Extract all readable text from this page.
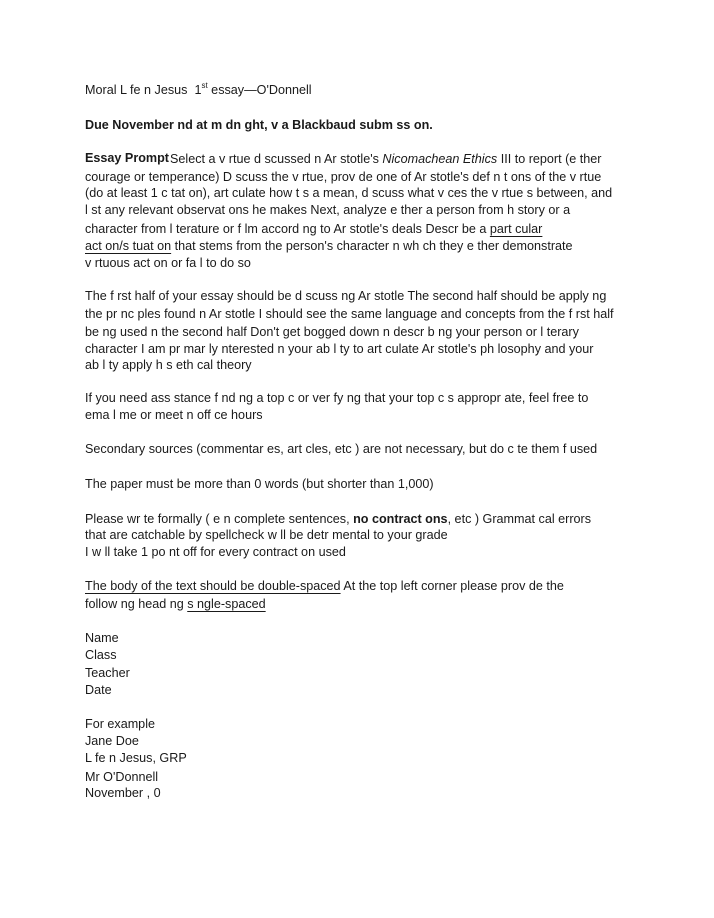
Moral L fe n Jesus 1st essay—O'Donnell
Due November nd at m dn ght, v a Blackbaud subm ss on.
Essay Prompt Select a v rtue d scussed n Ar stotle's Nicomachean Ethics III to report (e ther
courage or temperance) D scuss the v rtue, prov de one of Ar stotle's def n t ons of the v rtue
(do at least 1 c tat on), art culate how t s a mean, d scuss what v ces the v rtue s between, and
l st any relevant observat ons he makes Next, analyze e ther a person from h story or a
character from l terature or f lm accord ng to Ar stotle's deals Descr be a part cular
act on/s tuat on that stems from the person's character n wh ch they e ther demonstrate
v rtuous act on or fa l to do so
The f rst half of your essay should be d scuss ng Ar stotle The second half should be apply ng
the pr nc ples found n Ar stotle I should see the same language and concepts from the f rst half
be ng used n the second half Don't get bogged down n descr b ng your person or l terary
character I am pr mar ly nterested n your ab l ty to art culate Ar stotle's ph losophy and your
ab l ty apply h s eth cal theory
If you need ass stance f nd ng a top c or ver fy ng that your top c s appropr ate, feel free to
ema l me or meet n off ce hours
Secondary sources (commentar es, art cles, etc ) are not necessary, but do c te them f used
The paper must be more than 0 words (but shorter than 1,000)
Please wr te formally ( e n complete sentences, no contract ons, etc ) Grammat cal errors
that are catchable by spellcheck w ll be detr mental to your grade
I w ll take 1 po nt off for every contract on used
The body of the text should be double-spaced At the top left corner please prov de the
follow ng head ng s ngle-spaced
Name
Class
Teacher
Date
For example
Jane Doe
L fe n Jesus, GRP
Mr O'Donnell
November , 0
